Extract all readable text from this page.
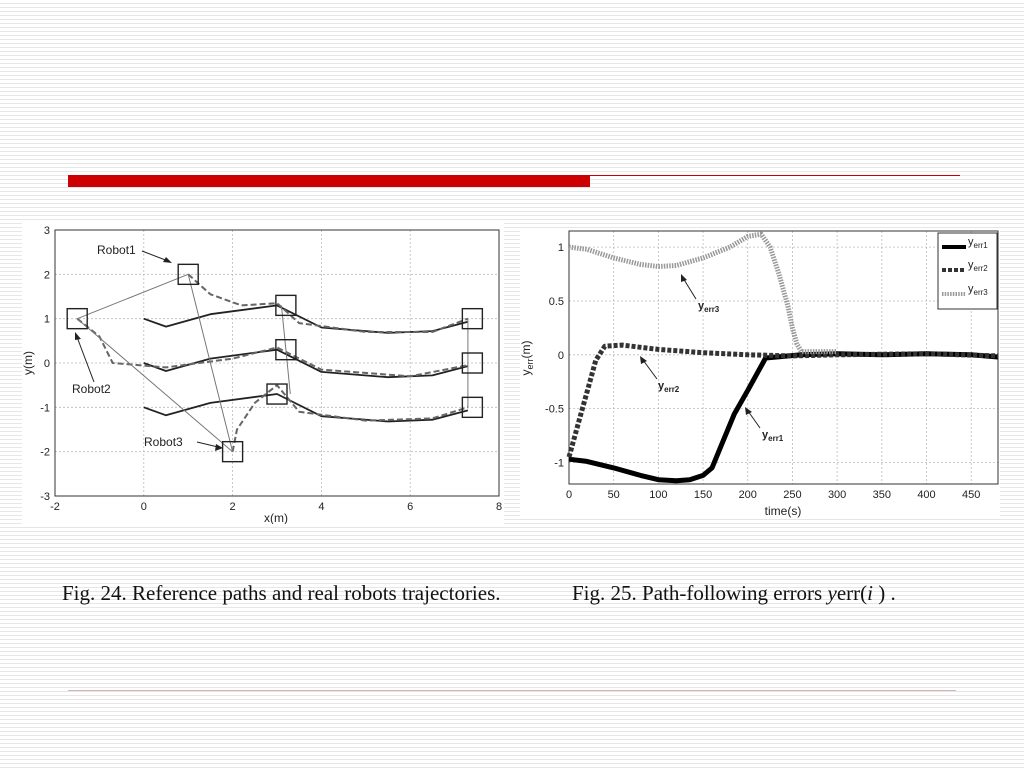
-2	0	2	4	6	8
-3
-2
-1
0
1
2
3
x(m)
y(m)
Robot1
Robot2
Robot3
0	50	100 150 200 250 300 350 400 450
-1
-0.5
0
0.5
1
time(s)
$y_{err}(m)$
$y_{err1}$
$y_{err2}$
$y_{err3}$
$y_{err3}$
$y_{err2}$
$y_{err1}$

Fig. 24. Reference paths and real robots trajectories.	Fig. 25. Path-following errors yerr(i ) .
